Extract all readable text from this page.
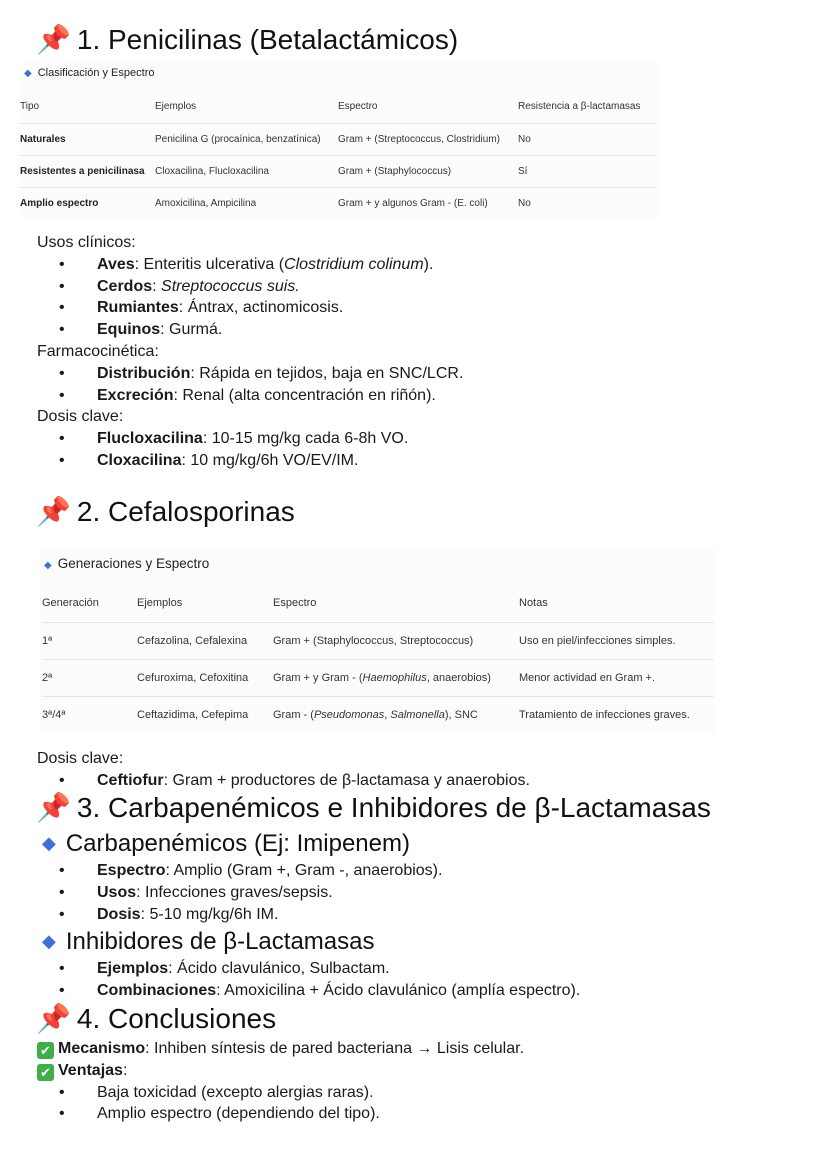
📌 1. Penicilinas (Betalactámicos)
◆ Clasificación y Espectro
Tipo	Ejemplos	Espectro	Resistencia a β-lactamasas
Naturales	Penicilina G (procaínica, benzatínica)	Gram + (Streptococcus, Clostridium)	No
Resistentes a penicilinasa	Cloxacilina, Flucloxacilina	Gram + (Staphylococcus)	Sí
Amplio espectro	Amoxicilina, Ampicilina	Gram + y algunos Gram - (E. coli)	No
Usos clínicos:
• Aves: Enteritis ulcerativa (Clostridium colinum).
• Cerdos: Streptococcus suis.
• Rumiantes: Ántrax, actinomicosis.
• Equinos: Gurmá.
Farmacocinética:
• Distribución: Rápida en tejidos, baja en SNC/LCR.
• Excreción: Renal (alta concentración en riñón).
Dosis clave:
• Flucloxacilina: 10-15 mg/kg cada 6-8h VO.
• Cloxacilina: 10 mg/kg/6h VO/EV/IM.
📌 2. Cefalosporinas
◆ Generaciones y Espectro
Generación	Ejemplos	Espectro	Notas
1ª	Cefazolina, Cefalexina	Gram + (Staphylococcus, Streptococcus)	Uso en piel/infecciones simples.
2ª	Cefuroxima, Cefoxitina	Gram + y Gram - (Haemophilus, anaerobios)	Menor actividad en Gram +.
3ª/4ª	Ceftazidima, Cefepima	Gram - (Pseudomonas, Salmonella), SNC	Tratamiento de infecciones graves.
Dosis clave:
• Ceftiofur: Gram + productores de β-lactamasa y anaerobios.
📌 3. Carbapenémicos e Inhibidores de β-Lactamasas
◆ Carbapenémicos (Ej: Imipenem)
• Espectro: Amplio (Gram +, Gram -, anaerobios).
• Usos: Infecciones graves/sepsis.
• Dosis: 5-10 mg/kg/6h IM.
◆ Inhibidores de β-Lactamasas
• Ejemplos: Ácido clavulánico, Sulbactam.
• Combinaciones: Amoxicilina + Ácido clavulánico (amplía espectro).
📌 4. Conclusiones
✔ Mecanismo: Inhiben síntesis de pared bacteriana → Lisis celular.
✔ Ventajas:
• Baja toxicidad (excepto alergias raras).
• Amplio espectro (dependiendo del tipo).
